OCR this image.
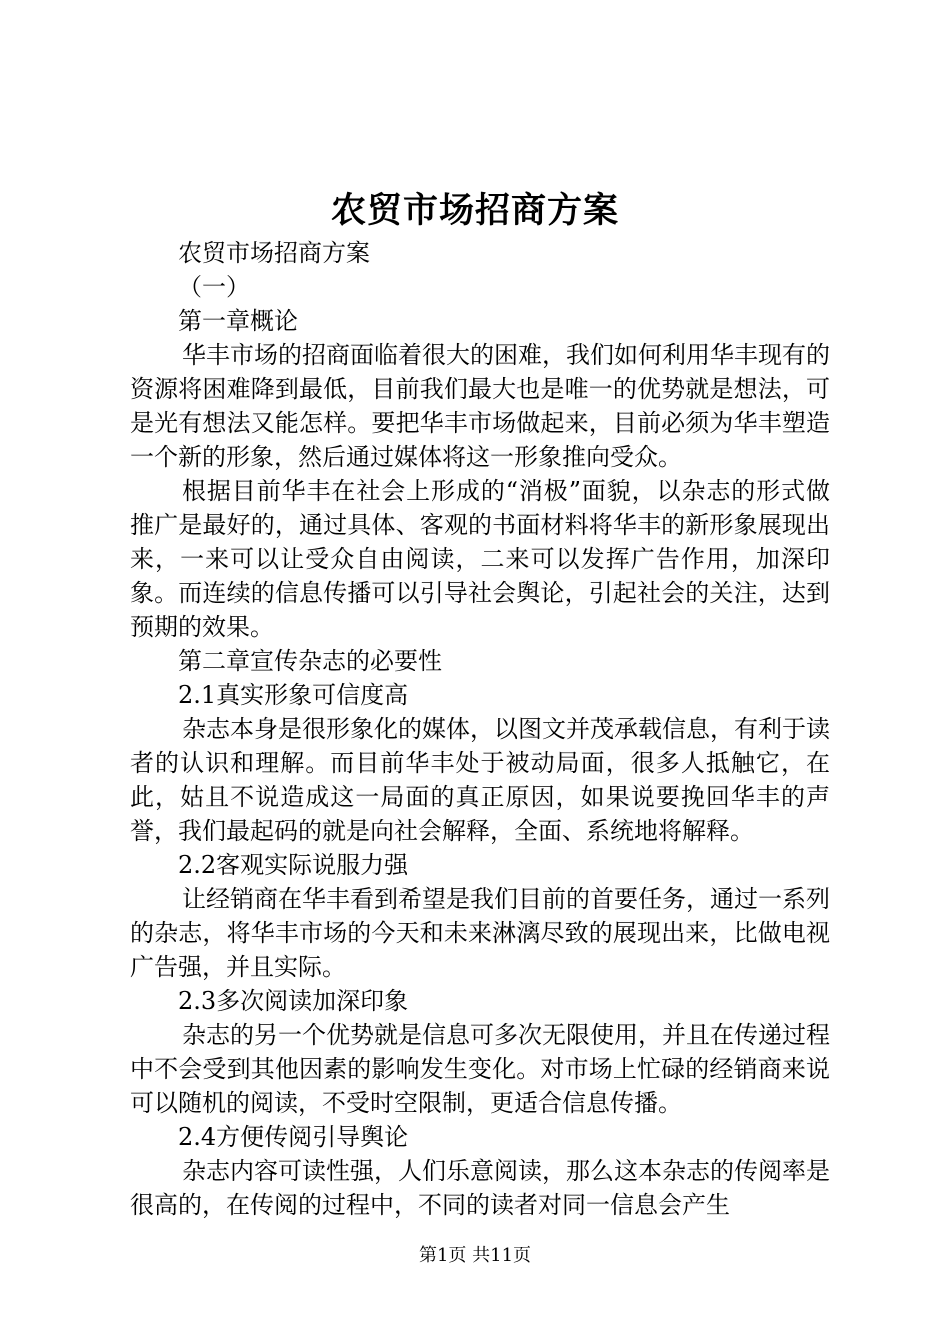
农贸市场招商方案

农贸市场招商方案

（一）

第一章概论

华丰市场的招商面临着很大的困难，我们如何利用华丰现有的资源将困难降到最低，目前我们最大也是唯一的优势就是想法，可是光有想法又能怎样。要把华丰市场做起来，目前必须为华丰塑造一个新的形象，然后通过媒体将这一形象推向受众。

根据目前华丰在社会上形成的“消极”面貌，以杂志的形式做推广是最好的，通过具体、客观的书面材料将华丰的新形象展现出来，一来可以让受众自由阅读，二来可以发挥广告作用，加深印象。而连续的信息传播可以引导社会舆论，引起社会的关注，达到预期的效果。

第二章宣传杂志的必要性

2.1真实形象可信度高

杂志本身是很形象化的媒体，以图文并茂承载信息，有利于读者的认识和理解。而目前华丰处于被动局面，很多人抵触它，在此，姑且不说造成这一局面的真正原因，如果说要挽回华丰的声誉，我们最起码的就是向社会解释，全面、系统地将解释。

2.2客观实际说服力强

让经销商在华丰看到希望是我们目前的首要任务，通过一系列的杂志，将华丰市场的今天和未来淋漓尽致的展现出来，比做电视广告强，并且实际。

2.3多次阅读加深印象

杂志的另一个优势就是信息可多次无限使用，并且在传递过程中不会受到其他因素的影响发生变化。对市场上忙碌的经销商来说可以随机的阅读，不受时空限制，更适合信息传播。

2.4方便传阅引导舆论

杂志内容可读性强，人们乐意阅读，那么这本杂志的传阅率是很高的，在传阅的过程中，不同的读者对同一信息会产生

第1页 共11页
